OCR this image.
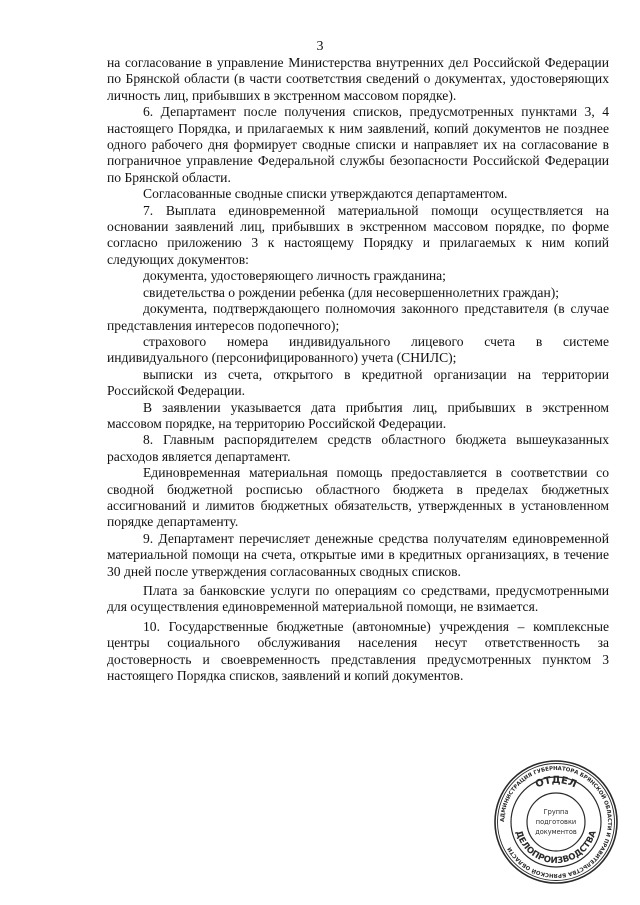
3

на согласование в управление Министерства внутренних дел Российской Федерации по Брянской области (в части соответствия сведений о документах, удостоверяющих личность лиц, прибывших в экстренном массовом порядке).

6. Департамент после получения списков, предусмотренных пунктами 3, 4 настоящего Порядка, и прилагаемых к ним заявлений, копий документов не позднее одного рабочего дня формирует сводные списки и направляет их на согласование в пограничное управление Федеральной службы безопасности Российской Федерации по Брянской области.

Согласованные сводные списки утверждаются департаментом.

7. Выплата единовременной материальной помощи осуществляется на основании заявлений лиц, прибывших в экстренном массовом порядке, по форме согласно приложению 3 к настоящему Порядку и прилагаемых к ним копий следующих документов:

документа, удостоверяющего личность гражданина;

свидетельства о рождении ребенка (для несовершеннолетних граждан);

документа, подтверждающего полномочия законного представителя (в случае представления интересов подопечного);

страхового номера индивидуального лицевого счета в системе индивидуального (персонифицированного) учета (СНИЛС);

выписки из счета, открытого в кредитной организации на территории Российской Федерации.

В заявлении указывается дата прибытия лиц, прибывших в экстренном массовом порядке, на территорию Российской Федерации.

8. Главным распорядителем средств областного бюджета вышеуказанных расходов является департамент.

Единовременная материальная помощь предоставляется в соответствии со сводной бюджетной росписью областного бюджета в пределах бюджетных ассигнований и лимитов бюджетных обязательств, утвержденных в установленном порядке департаменту.

9. Департамент перечисляет денежные средства получателям единовременной материальной помощи на счета, открытые ими в кредитных организациях, в течение 30 дней после утверждения согласованных сводных списков.

Плата за банковские услуги по операциям со средствами, предусмотренными для осуществления единовременной материальной помощи, не взимается.

10. Государственные бюджетные (автономные) учреждения – комплексные центры социального обслуживания населения несут ответственность за достоверность и своевременность представления предусмотренных пунктом 3 настоящего Порядка списков, заявлений и копий документов.

АДМИНИСТРАЦИЯ ГУБЕРНАТОРА БРЯНСКОЙ ОБЛАСТИ И ПРАВИТЕЛЬСТВА БРЯНСКОЙ ОБЛАСТИ
ОТДЕЛ
ДЕЛОПРОИЗВОДСТВА
Группа
подготовки
документов
